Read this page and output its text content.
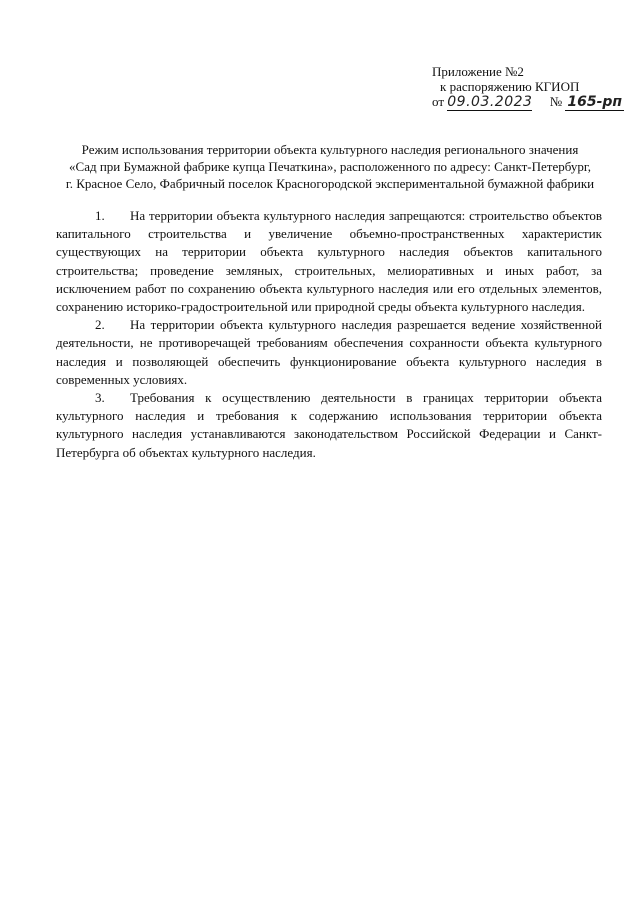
Приложение №2
к распоряжению КГИОП
от 09.03.2023 № 165-рп
Режим использования территории объекта культурного наследия регионального значения
«Сад при Бумажной фабрике купца Печаткина», расположенного по адресу: Санкт-Петербург,
г. Красное Село, Фабричный поселок Красногородской экспериментальной бумажной фабрики

1. На территории объекта культурного наследия запрещаются: строительство объектов капитального строительства и увеличение объемно-пространственных характеристик существующих на территории объекта культурного наследия объектов капитального строительства; проведение земляных, строительных, мелиоративных и иных работ, за исключением работ по сохранению объекта культурного наследия или его отдельных элементов, сохранению историко-градостроительной или природной среды объекта культурного наследия.

2. На территории объекта культурного наследия разрешается ведение хозяйственной деятельности, не противоречащей требованиям обеспечения сохранности объекта культурного наследия и позволяющей обеспечить функционирование объекта культурного наследия в современных условиях.

3. Требования к осуществлению деятельности в границах территории объекта культурного наследия и требования к содержанию использования территории объекта культурного наследия устанавливаются законодательством Российской Федерации и Санкт-Петербурга об объектах культурного наследия.
